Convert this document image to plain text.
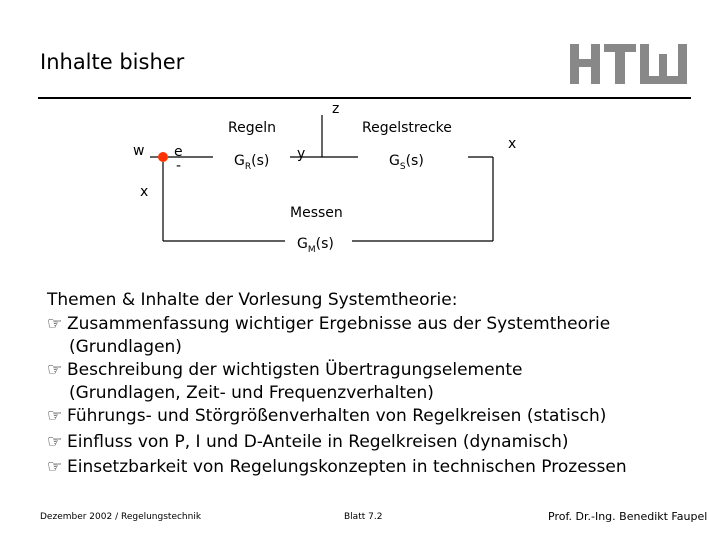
Inhalte bisher
z
w e
-
x
y
x
Regeln
$G_R(s)$
Regelstrecke
$G_S(s)$
Messen
$G_M(s)$
Themen & Inhalte der Vorlesung Systemtheorie:
☞ Zusammenfassung wichtiger Ergebnisse aus der Systemtheorie
(Grundlagen)
☞ Beschreibung der wichtigsten Übertragungselemente
(Grundlagen, Zeit- und Frequenzverhalten)
☞ Führungs- und Störgrößenverhalten von Regelkreisen (statisch)
☞ Einfluss von P, I und D-Anteile in Regelkreisen (dynamisch)
☞ Einsetzbarkeit von Regelungskonzepten in technischen Prozessen
Dezember 2002 / Regelungstechnik	Blatt 7.2	Prof. Dr.-Ing. Benedikt Faupel
